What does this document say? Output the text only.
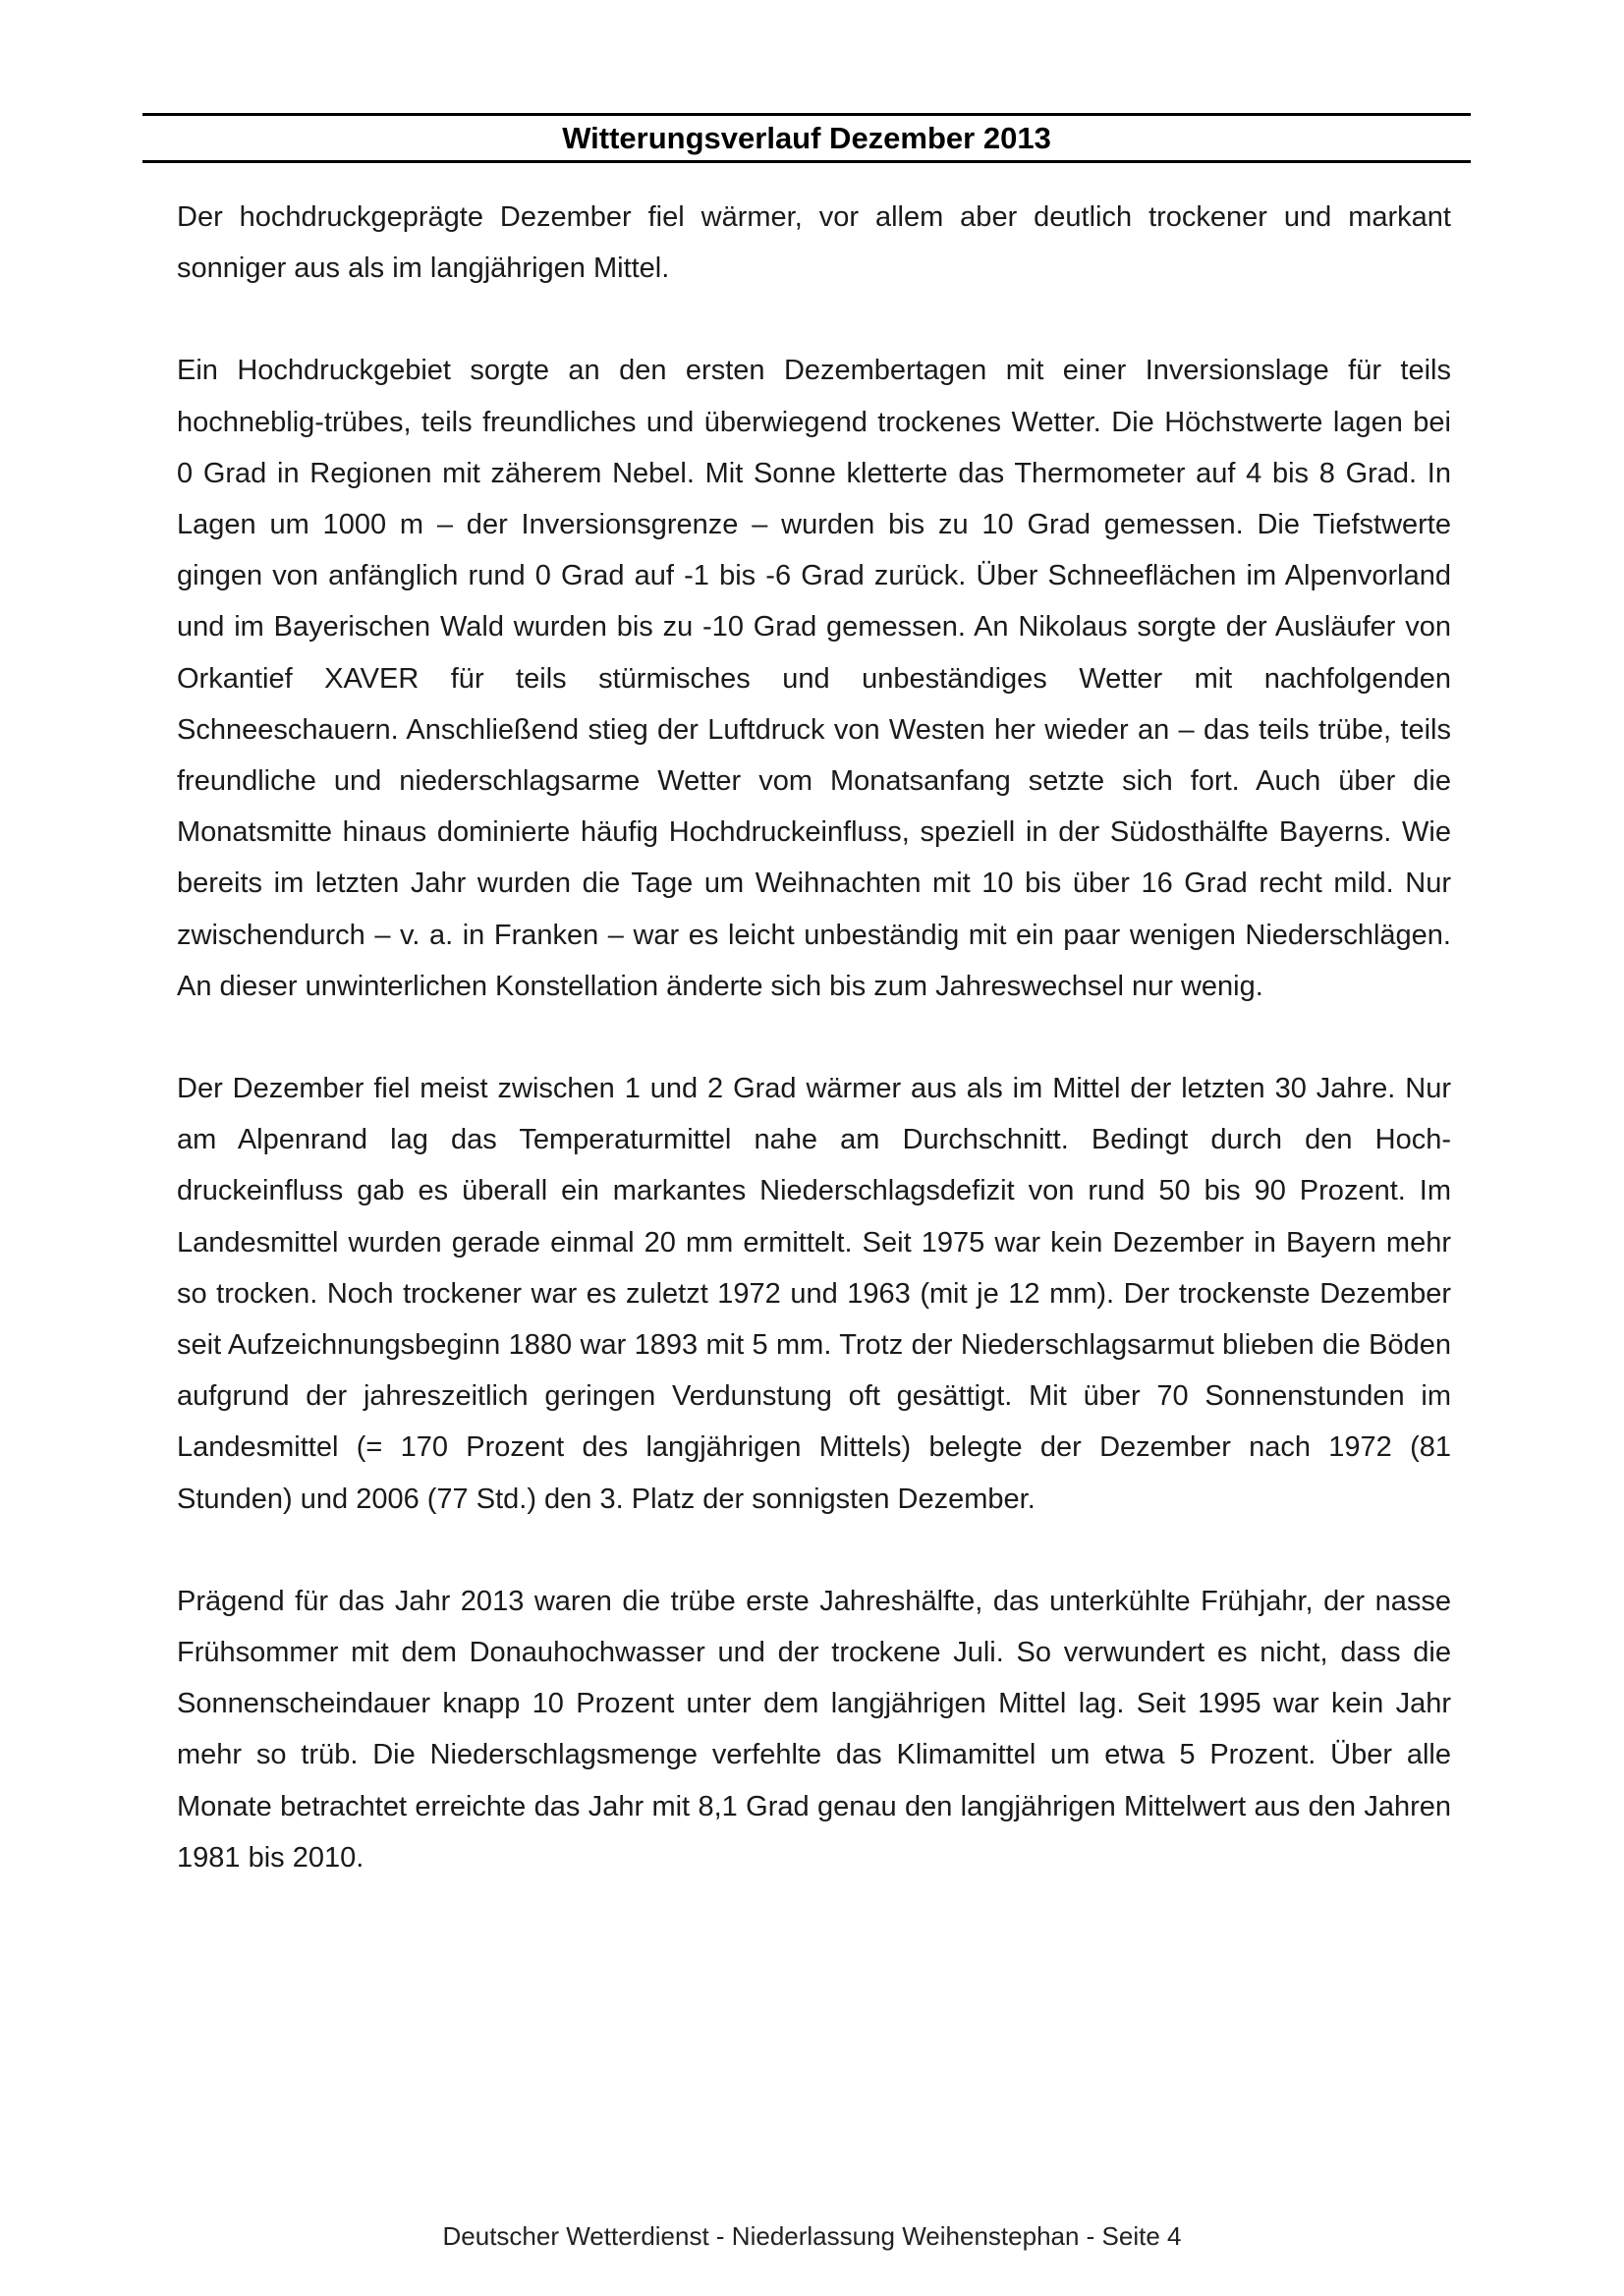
Witterungsverlauf Dezember 2013

Der hochdruckgeprägte Dezember fiel wärmer, vor allem aber deutlich trockener und markant sonniger aus als im langjährigen Mittel.

Ein Hochdruckgebiet sorgte an den ersten Dezembertagen mit einer Inversionslage für teils hochneblig-trübes, teils freundliches und überwiegend trockenes Wetter. Die Höchstwerte lagen bei 0 Grad in Regionen mit zäherem Nebel. Mit Sonne kletterte das Thermometer auf 4 bis 8 Grad. In Lagen um 1000 m – der Inversionsgrenze – wurden bis zu 10 Grad gemessen. Die Tiefstwerte gingen von anfänglich rund 0 Grad auf -1 bis -6 Grad zurück. Über Schneeflächen im Alpenvorland und im Bayerischen Wald wurden bis zu -10 Grad gemessen. An Nikolaus sorgte der Ausläufer von Orkantief XAVER für teils stürmisches und unbeständiges Wetter mit nachfolgenden Schneeschauern. Anschließend stieg der Luftdruck von Westen her wieder an – das teils trübe, teils freundliche und niederschlagsarme Wetter vom Monatsanfang setzte sich fort. Auch über die Monatsmitte hinaus dominierte häufig Hochdruckeinfluss, speziell in der Südosthälfte Bayerns. Wie bereits im letzten Jahr wurden die Tage um Weihnachten mit 10 bis über 16 Grad recht mild. Nur zwischendurch – v. a. in Franken – war es leicht unbeständig mit ein paar wenigen Niederschlägen. An dieser unwinterlichen Konstellation änderte sich bis zum Jahreswechsel nur wenig.

Der Dezember fiel meist zwischen 1 und 2 Grad wärmer aus als im Mittel der letzten 30 Jahre. Nur am Alpenrand lag das Temperaturmittel nahe am Durchschnitt. Bedingt durch den Hoch-druckeinfluss gab es überall ein markantes Niederschlagsdefizit von rund 50 bis 90 Prozent. Im Landesmittel wurden gerade einmal 20 mm ermittelt. Seit 1975 war kein Dezember in Bayern mehr so trocken. Noch trockener war es zuletzt 1972 und 1963 (mit je 12 mm). Der trockenste Dezember seit Aufzeichnungsbeginn 1880 war 1893 mit 5 mm. Trotz der Niederschlagsarmut blieben die Böden aufgrund der jahreszeitlich geringen Verdunstung oft gesättigt. Mit über 70 Sonnenstunden im Landesmittel (= 170 Prozent des langjährigen Mittels) belegte der Dezember nach 1972 (81 Stunden) und 2006 (77 Std.) den 3. Platz der sonnigsten Dezember.

Prägend für das Jahr 2013 waren die trübe erste Jahreshälfte, das unterkühlte Frühjahr, der nasse Frühsommer mit dem Donauhochwasser und der trockene Juli. So verwundert es nicht, dass die Sonnenscheindauer knapp 10 Prozent unter dem langjährigen Mittel lag. Seit 1995 war kein Jahr mehr so trüb. Die Niederschlagsmenge verfehlte das Klimamittel um etwa 5 Prozent. Über alle Monate betrachtet erreichte das Jahr mit 8,1 Grad genau den langjährigen Mittelwert aus den Jahren 1981 bis 2010.

Deutscher Wetterdienst - Niederlassung Weihenstephan - Seite 4
